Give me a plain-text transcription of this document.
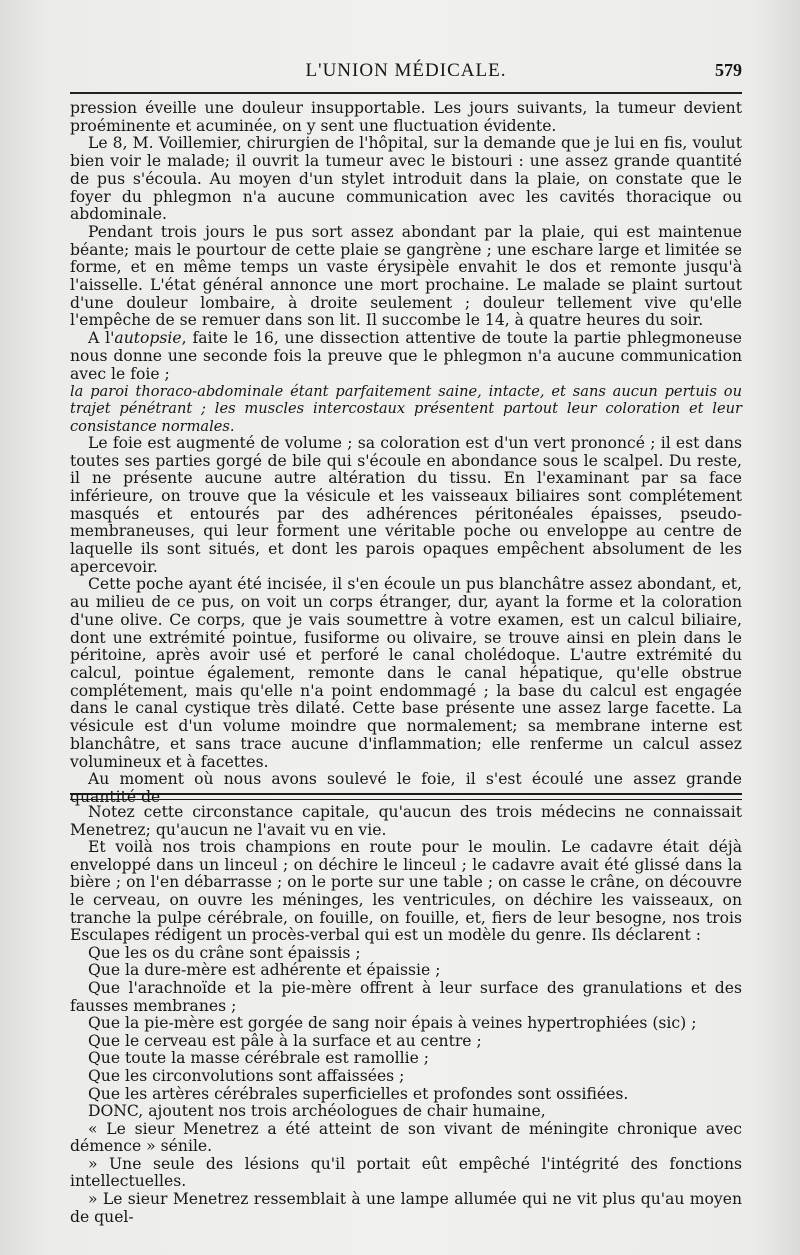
L'UNION MÉDICALE.	579

pression éveille une douleur insupportable. Les jours suivants, la tumeur devient proéminente et acuminée, on y sent une fluctuation évidente.

Le 8, M. Voillemier, chirurgien de l'hôpital, sur la demande que je lui en fis, voulut bien voir le malade; il ouvrit la tumeur avec le bistouri : une assez grande quantité de pus s'écoula. Au moyen d'un stylet introduit dans la plaie, on constate que le foyer du phlegmon n'a aucune communication avec les cavités thoracique ou abdominale.

Pendant trois jours le pus sort assez abondant par la plaie, qui est maintenue béante; mais le pourtour de cette plaie se gangrène ; une eschare large et limitée se forme, et en même temps un vaste érysipèle envahit le dos et remonte jusqu'à l'aisselle. L'état général annonce une mort prochaine. Le malade se plaint surtout d'une douleur lombaire, à droite seulement ; douleur tellement vive qu'elle l'empêche de se remuer dans son lit. Il succombe le 14, à quatre heures du soir.

A l'autopsie, faite le 16, une dissection attentive de toute la partie phlegmoneuse nous donne une seconde fois la preuve que le phlegmon n'a aucune communication avec le foie ;

la paroi thoraco-abdominale étant parfaitement saine, intacte, et sans aucun pertuis ou trajet pénétrant ; les muscles intercostaux présentent partout leur coloration et leur consistance normales.

Le foie est augmenté de volume ; sa coloration est d'un vert prononcé ; il est dans toutes ses parties gorgé de bile qui s'écoule en abondance sous le scalpel. Du reste, il ne présente aucune autre altération du tissu. En l'examinant par sa face inférieure, on trouve que la vésicule et les vaisseaux biliaires sont complétement masqués et entourés par des adhérences péritonéales épaisses, pseudo-membraneuses, qui leur forment une véritable poche ou enveloppe au centre de laquelle ils sont situés, et dont les parois opaques empêchent absolument de les apercevoir.

Cette poche ayant été incisée, il s'en écoule un pus blanchâtre assez abondant, et, au milieu de ce pus, on voit un corps étranger, dur, ayant la forme et la coloration d'une olive. Ce corps, que je vais soumettre à votre examen, est un calcul biliaire, dont une extrémité pointue, fusiforme ou olivaire, se trouve ainsi en plein dans le péritoine, après avoir usé et perforé le canal cholédoque. L'autre extrémité du calcul, pointue également, remonte dans le canal hépatique, qu'elle obstrue complétement, mais qu'elle n'a point endommagé ; la base du calcul est engagée dans le canal cystique très dilaté. Cette base présente une assez large facette. La vésicule est d'un volume moindre que normalement; sa membrane interne est blanchâtre, et sans trace aucune d'inflammation; elle renferme un calcul assez volumineux et à facettes.

Au moment où nous avons soulevé le foie, il s'est écoulé une assez grande quantité de

Notez cette circonstance capitale, qu'aucun des trois médecins ne connaissait Menetrez; qu'aucun ne l'avait vu en vie.

Et voilà nos trois champions en route pour le moulin. Le cadavre était déjà enveloppé dans un linceul ; on déchire le linceul ; le cadavre avait été glissé dans la bière ; on l'en débarrasse ; on le porte sur une table ; on casse le crâne, on découvre le cerveau, on ouvre les méninges, les ventricules, on déchire les vaisseaux, on tranche la pulpe cérébrale, on fouille, on fouille, et, fiers de leur besogne, nos trois Esculapes rédigent un procès-verbal qui est un modèle du genre. Ils déclarent :

Que les os du crâne sont épaissis ;
Que la dure-mère est adhérente et épaissie ;
Que l'arachnoïde et la pie-mère offrent à leur surface des granulations et des fausses membranes ;
Que la pie-mère est gorgée de sang noir épais à veines hypertrophiées (sic) ;
Que le cerveau est pâle à la surface et au centre ;
Que toute la masse cérébrale est ramollie ;
Que les circonvolutions sont affaissées ;
Que les artères cérébrales superficielles et profondes sont ossifiées.

DONC, ajoutent nos trois archéologues de chair humaine,

« Le sieur Menetrez a été atteint de son vivant de méningite chronique avec démence » sénile.

» Une seule des lésions qu'il portait eût empêché l'intégrité des fonctions intellectuelles.

» Le sieur Menetrez ressemblait à une lampe allumée qui ne vit plus qu'au moyen de quel-
